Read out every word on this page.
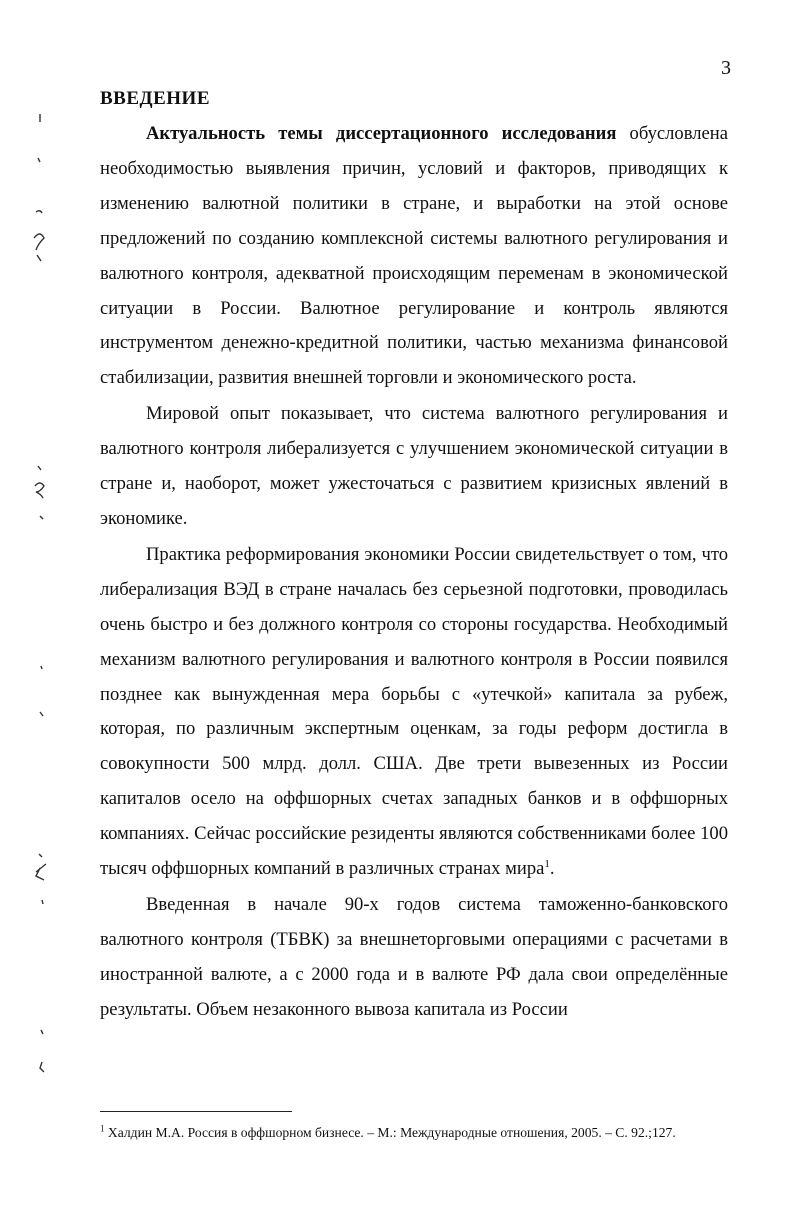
3
ВВЕДЕНИЕ

Актуальность темы диссертационного исследования обусловлена необходимостью выявления причин, условий и факторов, приводящих к изменению валютной политики в стране, и выработки на этой основе предложений по созданию комплексной системы валютного регулирования и валютного контроля, адекватной происходящим переменам в экономической ситуации в России. Валютное регулирование и контроль являются инструментом денежно-кредитной политики, частью механизма финансовой стабилизации, развития внешней торговли и экономического роста.

Мировой опыт показывает, что система валютного регулирования и валютного контроля либерализуется с улучшением экономической ситуации в стране и, наоборот, может ужесточаться с развитием кризисных явлений в экономике.

Практика реформирования экономики России свидетельствует о том, что либерализация ВЭД в стране началась без серьезной подготовки, проводилась очень быстро и без должного контроля со стороны государства. Необходимый механизм валютного регулирования и валютного контроля в России появился позднее как вынужденная мера борьбы с «утечкой» капитала за рубеж, которая, по различным экспертным оценкам, за годы реформ достигла в совокупности 500 млрд. долл. США. Две трети вывезенных из России капиталов осело на оффшорных счетах западных банков и в оффшорных компаниях. Сейчас российские резиденты являются собственниками более 100 тысяч оффшорных компаний в различных странах мира$^1$.

Введенная в начале 90-х годов система таможенно-банковского валютного контроля (ТБВК) за внешнеторговыми операциями с расчетами в иностранной валюте, а с 2000 года и в валюте РФ дала свои определённые результаты. Объем незаконного вывоза капитала из России

$^1$ Халдин М.А. Россия в оффшорном бизнесе. – М.: Международные отношения, 2005. – С. 92.;127.
